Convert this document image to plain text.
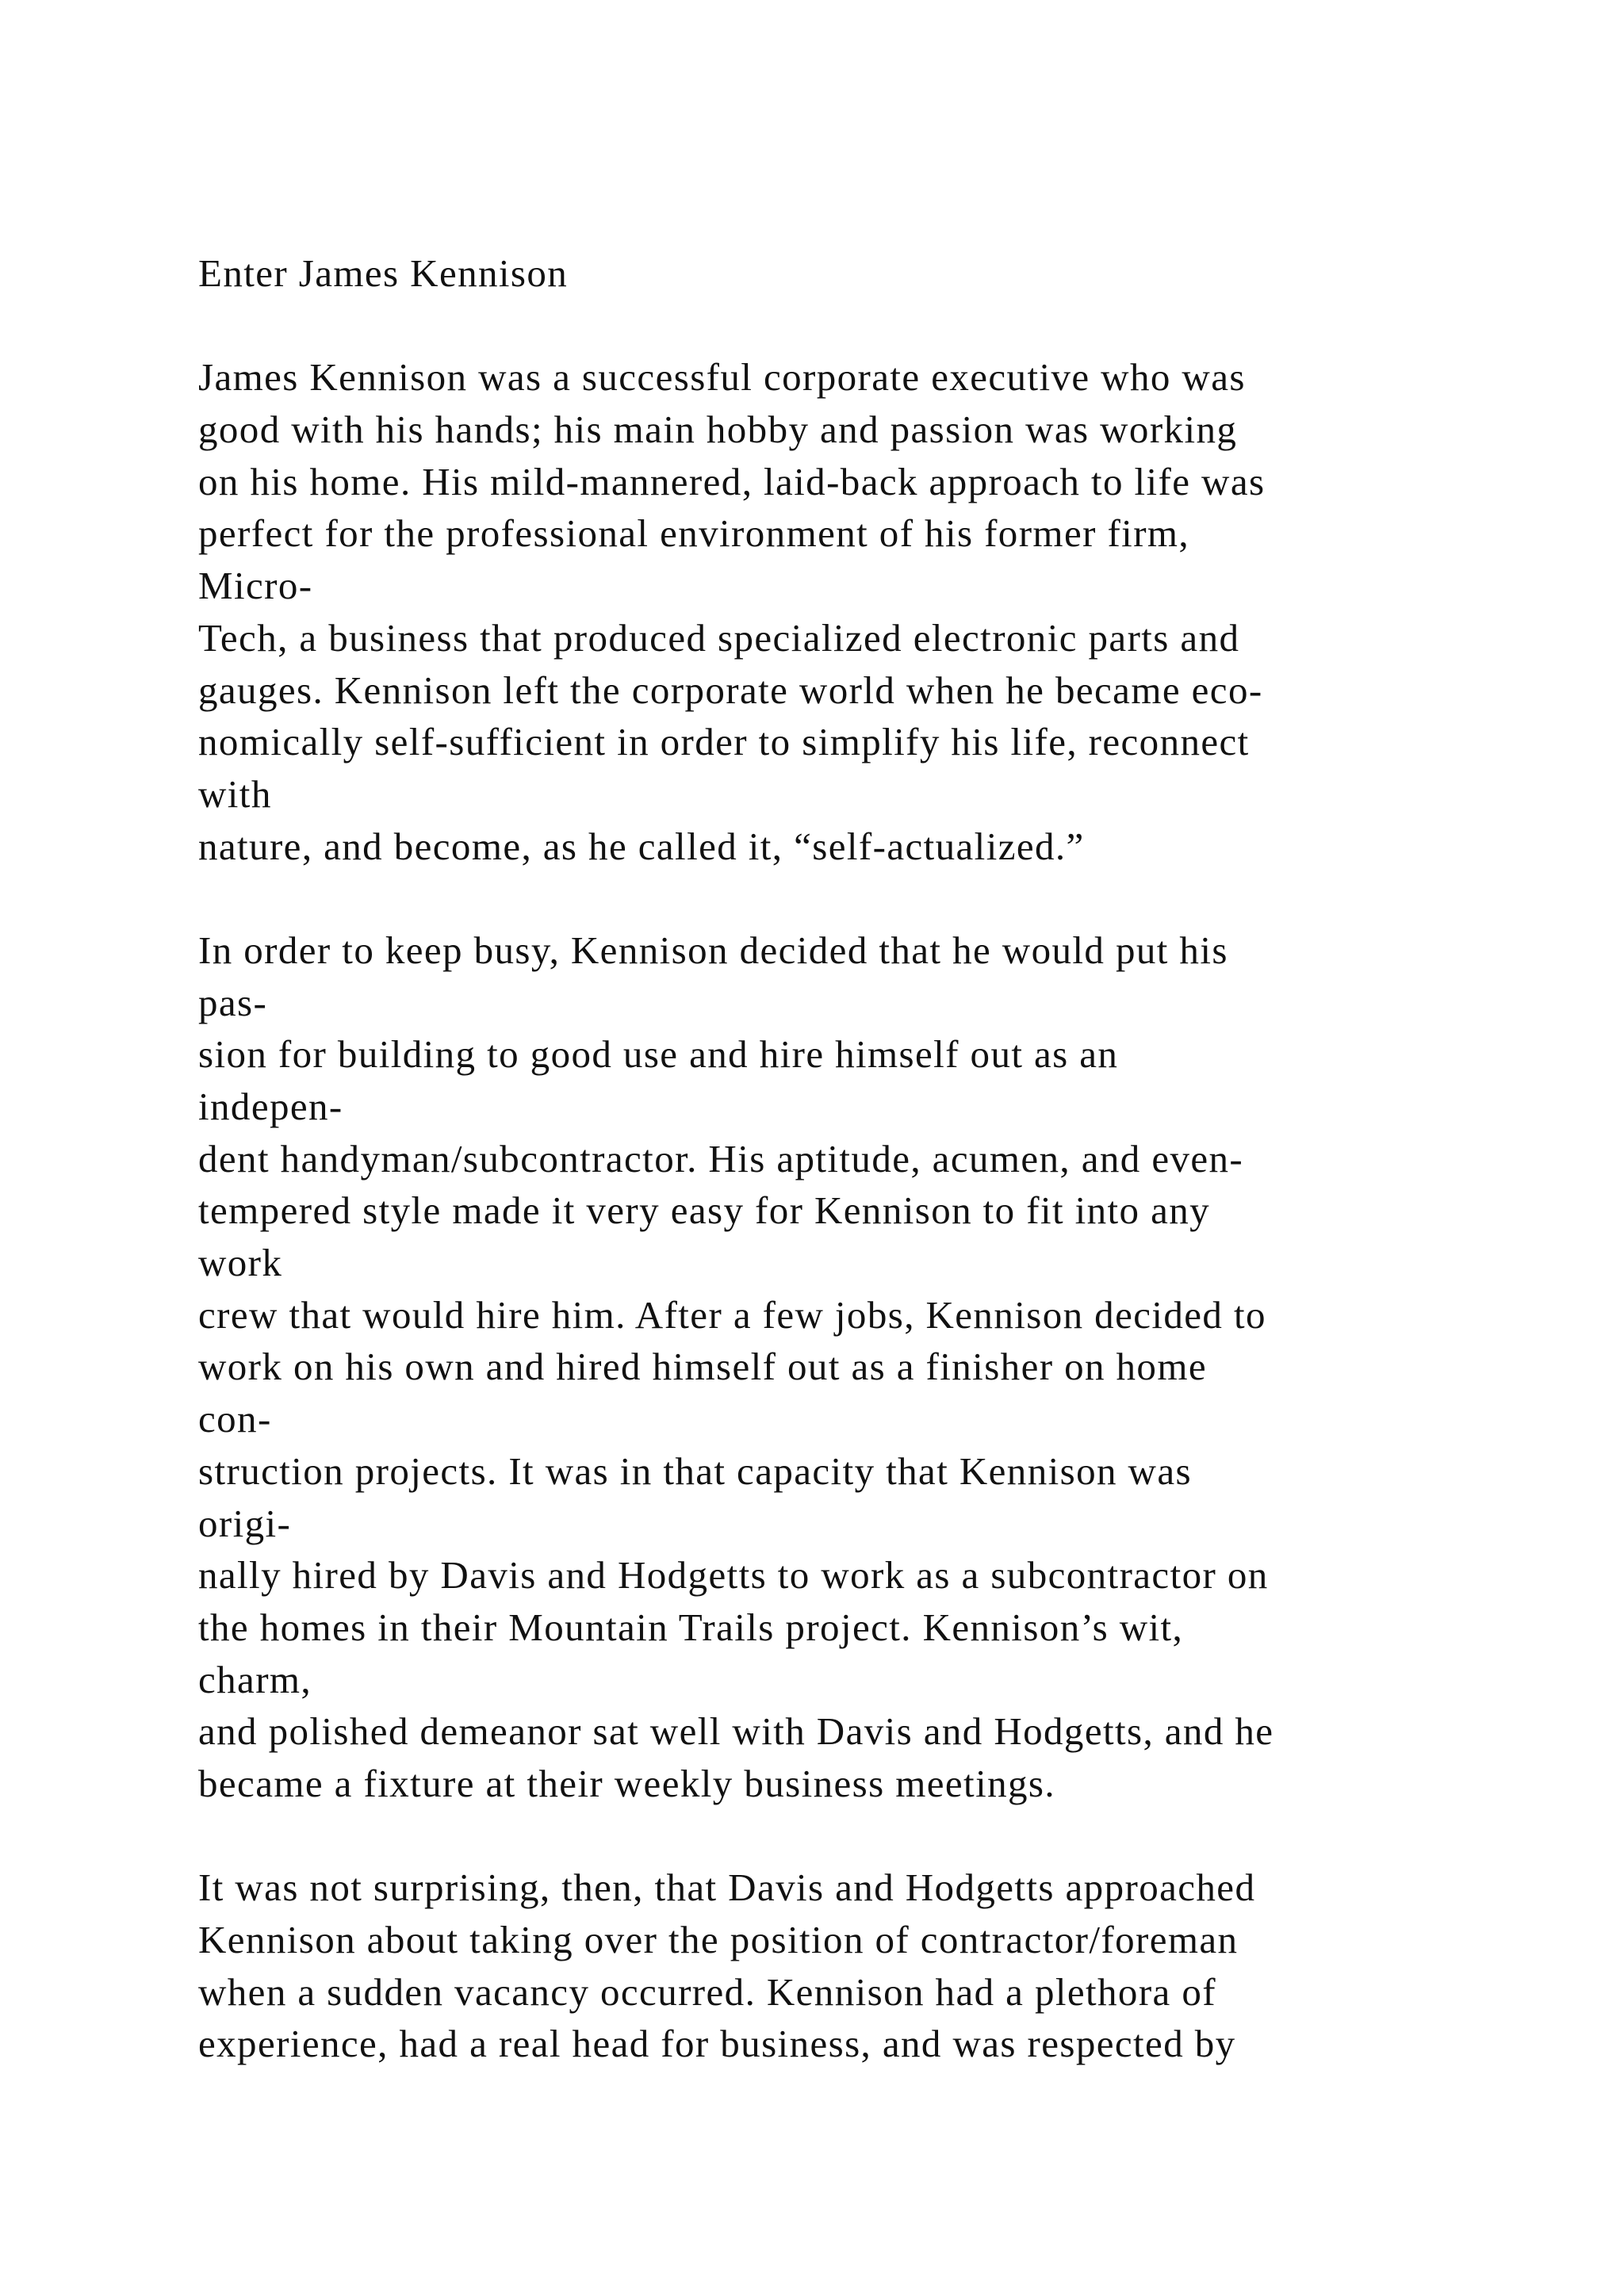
Enter James Kennison
James Kennison was a successful corporate executive who was
good with his hands; his main hobby and passion was working
on his home. His mild-mannered, laid-back approach to life was
perfect for the professional environment of his former firm,
Micro-
Tech, a business that produced specialized electronic parts and
gauges. Kennison left the corporate world when he became eco-
nomically self-sufficient in order to simplify his life, reconnect
with
nature, and become, as he called it, “self-actualized.”
In order to keep busy, Kennison decided that he would put his
pas-
sion for building to good use and hire himself out as an
indepen-
dent handyman/subcontractor. His aptitude, acumen, and even-
tempered style made it very easy for Kennison to fit into any
work
crew that would hire him. After a few jobs, Kennison decided to
work on his own and hired himself out as a finisher on home
con-
struction projects. It was in that capacity that Kennison was
origi-
nally hired by Davis and Hodgetts to work as a subcontractor on
the homes in their Mountain Trails project. Kennison’s wit,
charm,
and polished demeanor sat well with Davis and Hodgetts, and he
became a fixture at their weekly business meetings.
It was not surprising, then, that Davis and Hodgetts approached
Kennison about taking over the position of contractor/foreman
when a sudden vacancy occurred. Kennison had a plethora of
experience, had a real head for business, and was respected by
